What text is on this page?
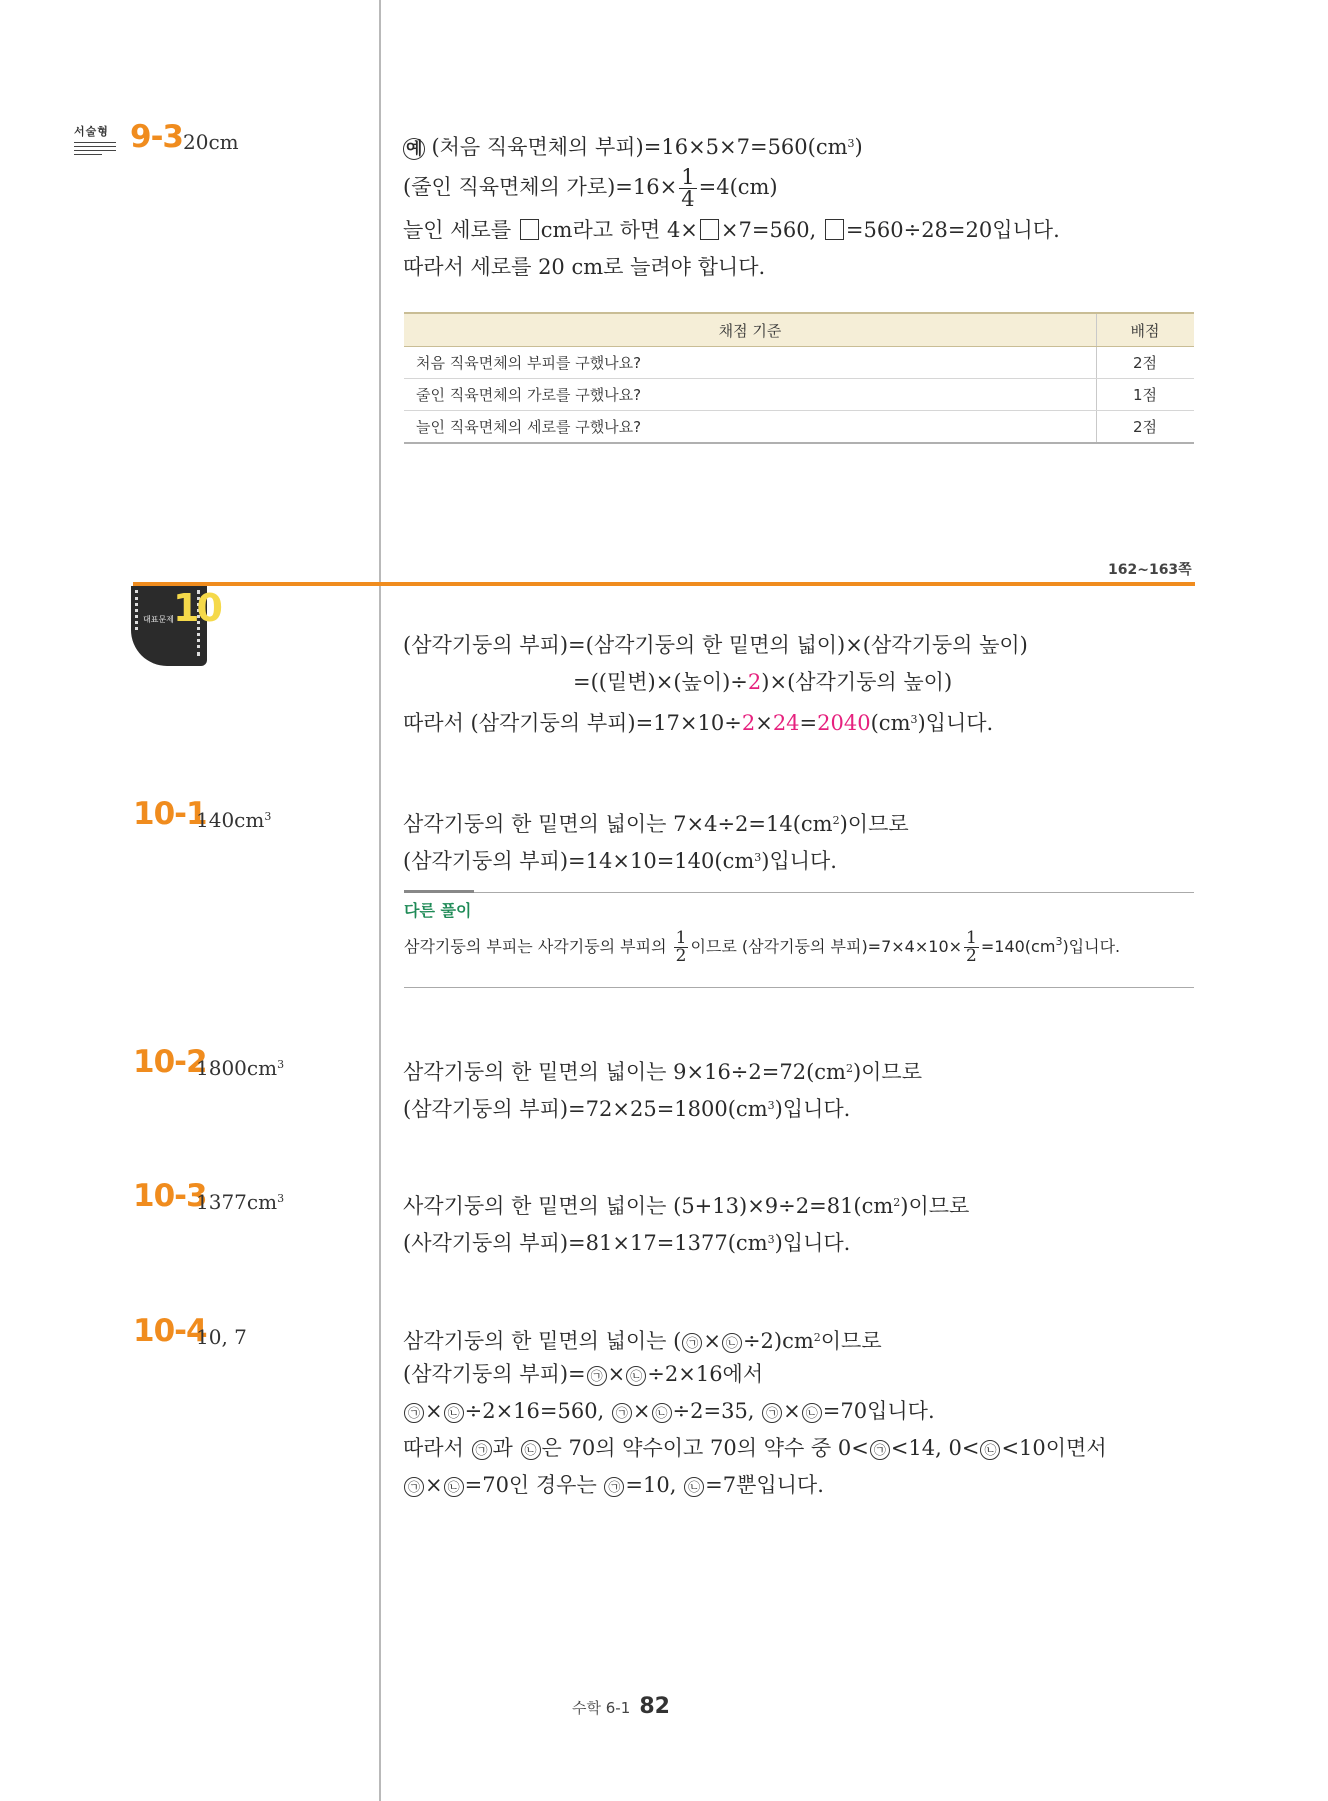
서술형 9-3 20cm	예 (처음 직육면체의 부피)$=16\times 5\times 7=560(cm^3)$
(줄인 직육면체의 가로)$=16\times \frac{1}{4} =4(cm)$
늘인 세로를 cm라고 하면 4× ×7=560, =560÷28=20입니다.
따라서 세로를 20 cm로 늘려야 합니다.
채점 기준	배점
처음 직육면체의 부피를 구했나요?	2점
줄인 직육면체의 가로를 구했나요?	1점
늘인 직육면체의 세로를 구했나요?	2점
162~163쪽
대표문제 10
(삼각기둥의 부피)=(삼각기둥의 한 밑면의 넓이)×(삼각기둥의 높이)
=((밑변)×(높이)÷2)×(삼각기둥의 높이)
따라서 (삼각기둥의 부피)$=17\times 10\div 2\times 24=2040(cm^3)$입니다.
10-1
$140cm^3$	삼각기둥의 한 밑면의 넓이는 $7\times 4\div 2=14(cm^2)$이므로
(삼각기둥의 부피)$=14\times 10=140(cm^3)$입니다.
다른 풀이
삼각기둥의 부피는 사각기둥의 부피의 $\frac{1}{2}$ 이므로 (삼각기둥의 부피)$=7\times 4\times 10\times \frac{1}{2} =140(cm^3)$입니다.
10-2
$1800cm^3$	삼각기둥의 한 밑면의 넓이는 $9\times 16\div 2=72(cm^2)$이므로
(삼각기둥의 부피)$=72\times 25=1800(cm^3)$입니다.
10-3
$1377cm^3$	사각기둥의 한 밑면의 넓이는 $(5+13)\times 9\div 2=81(cm^2)$이므로
(사각기둥의 부피)$=81\times 17=1377(cm^3)$입니다.
10-4
10, 7	삼각기둥의 한 밑면의 넓이는 ( ㉠ × ㉡ $\div 2)cm^2$이므로
(삼각기둥의 부피)= ㉠ × ㉡ ÷2×16에서
㉠ × ㉡ ÷2×16=560, ㉠ × ㉡ ÷2=35, ㉠ × ㉡ =70입니다.
따라서 ㉠ 과 ㉡ 은 70의 약수이고 70의 약수 중 0< ㉠ <14, 0< ㉡ <10이면서
㉠ × ㉡ =70인 경우는 ㉠ =10, ㉡ =7뿐입니다.
수학 6-1 82
